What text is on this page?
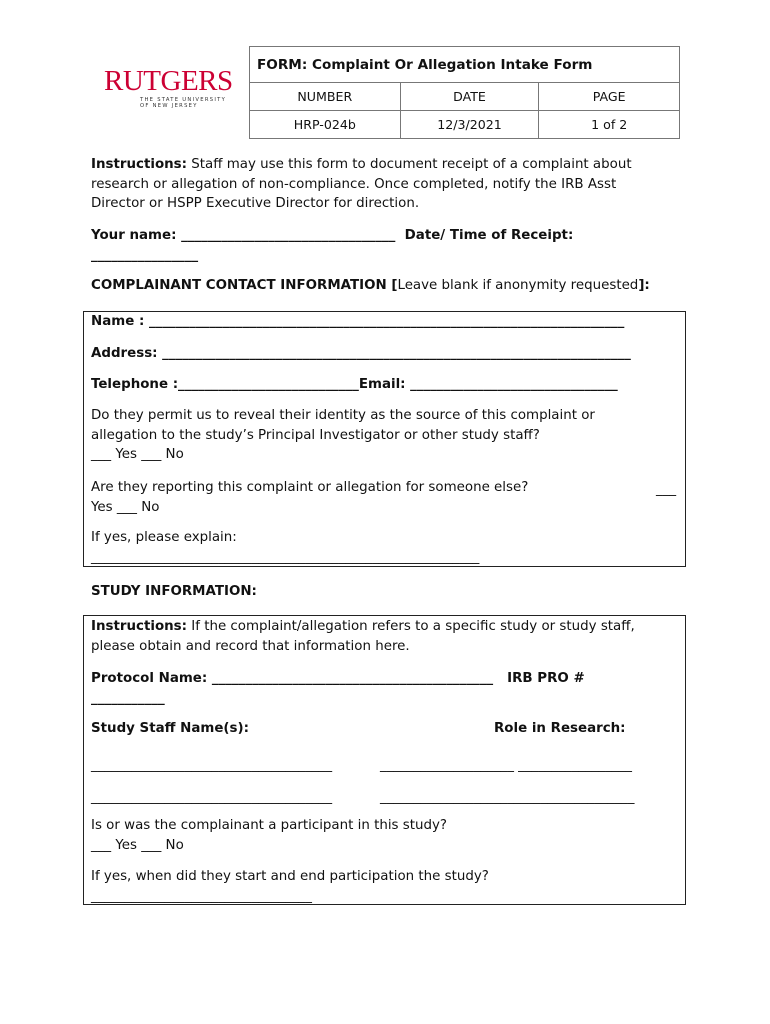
RUTGERS
THE STATE UNIVERSITY OF NEW JERSEY
FORM: Complaint Or Allegation Intake Form		
NUMBER	DATE	PAGE
HRP-024b	12/3/2021	1 of 2
Instructions: Staff may use this form to document receipt of a complaint about
research or allegation of non-compliance. Once completed, notify the IRB Asst
Director or HSPP Executive Director for direction.
Your name: ________________________________ Date/ Time of Receipt:
________________
COMPLAINANT CONTACT INFORMATION [Leave blank if anonymity requested]:
Name : _______________________________________________________________________
Address: ______________________________________________________________________
Telephone :___________________________Email: _______________________________
Do they permit us to reveal their identity as the source of this complaint or
allegation to the study’s Principal Investigator or other study staff?
___ Yes ___ No
Are they reporting this complaint or allegation for someone else?
Yes ___ No
___
If yes, please explain:
__________________________________________________________
STUDY INFORMATION:
Instructions: If the complaint/allegation refers to a specific study or study staff,
please obtain and record that information here.
Protocol Name: __________________________________________ IRB PRO #
___________
Study Staff Name(s):	Role in Research:
____________________________________	____________________ _________________
____________________________________	______________________________________
Is or was the complainant a participant in this study?
___ Yes ___ No
If yes, when did they start and end participation the study?
_________________________________
